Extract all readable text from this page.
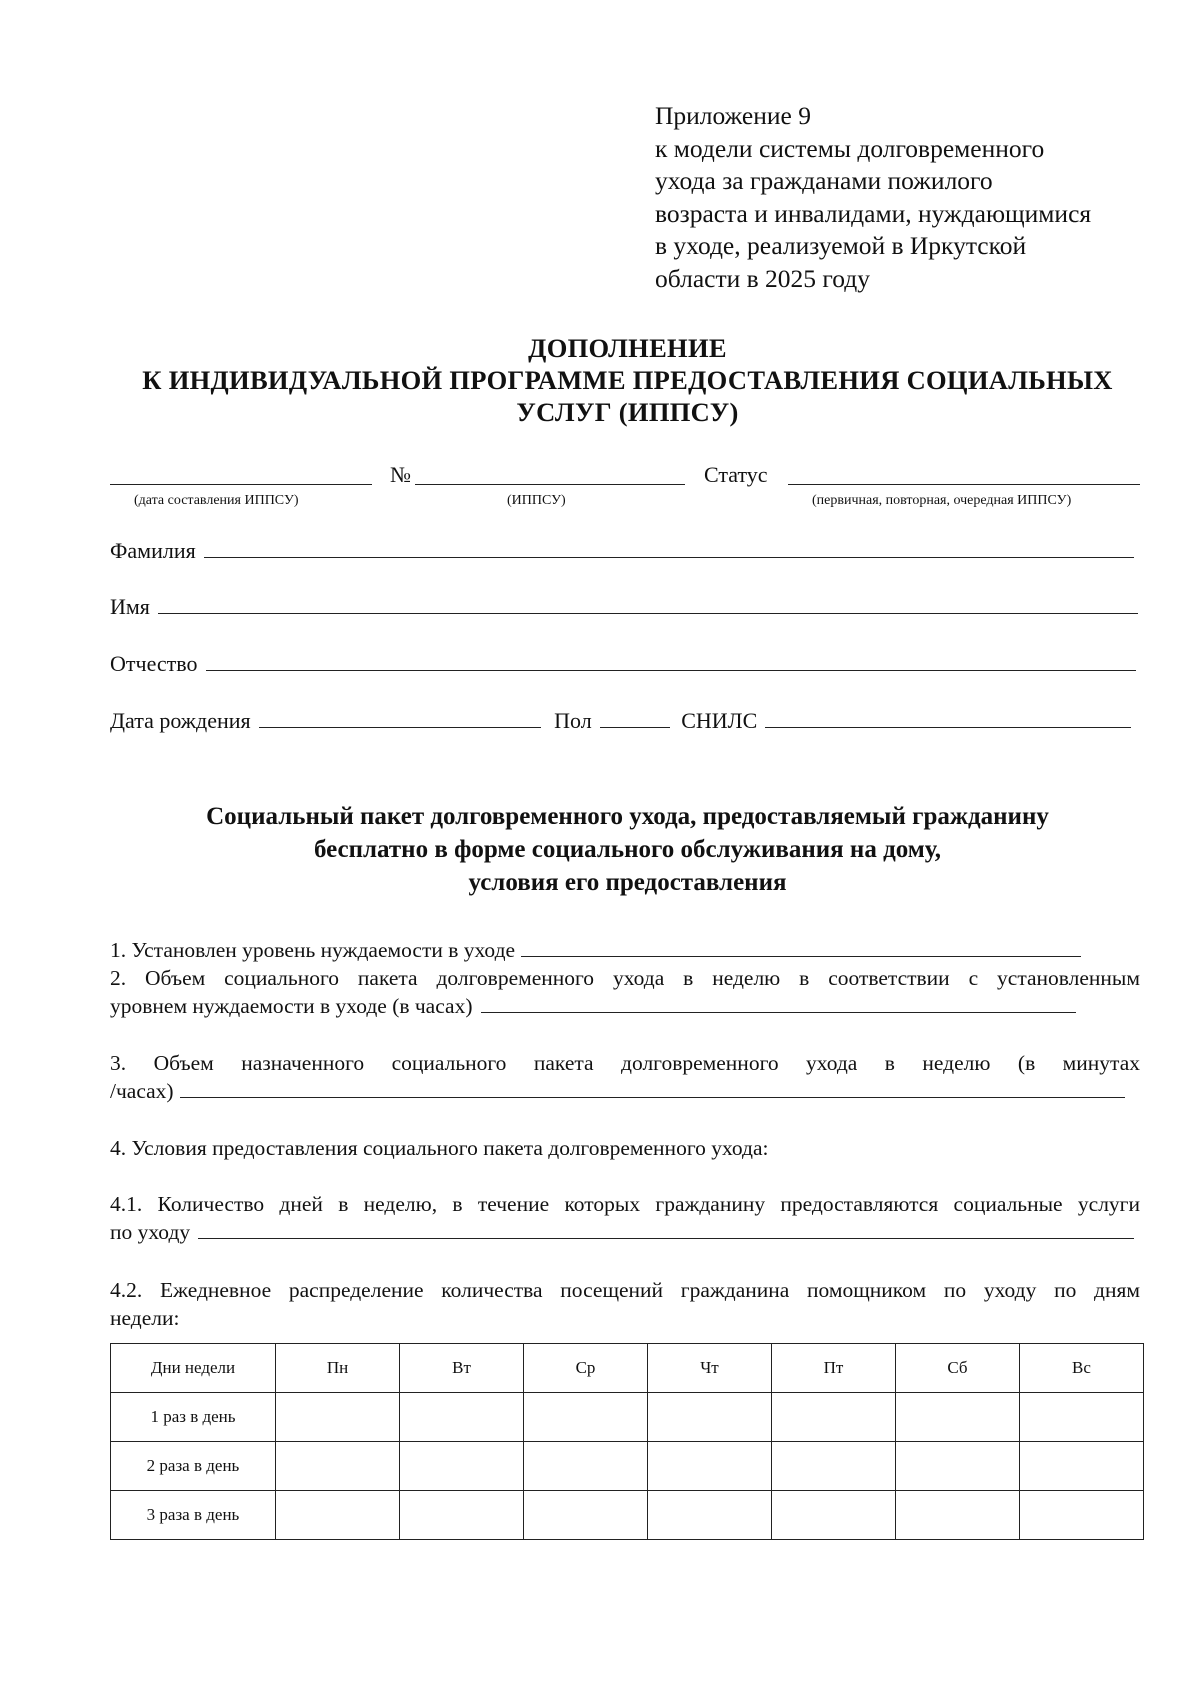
Приложение 9
к модели системы долговременного
ухода за гражданами пожилого
возраста и инвалидами, нуждающимися
в уходе, реализуемой в Иркутской
области в 2025 году
ДОПОЛНЕНИЕ
К ИНДИВИДУАЛЬНОЙ ПРОГРАММЕ ПРЕДОСТАВЛЕНИЯ СОЦИАЛЬНЫХ
УСЛУГ (ИППСУ)
№	Статус
(дата составления ИППСУ)	(ИППСУ)	(первичная, повторная, очередная ИППСУ)
Фамилия
Имя
Отчество
Дата рождения	Пол	СНИЛС
Социальный пакет долговременного ухода, предоставляемый гражданину
бесплатно в форме социального обслуживания на дому,
условия его предоставления
1. Установлен уровень нуждаемости в уходе
2. Объем социального пакета долговременного ухода в неделю в соответствии с установленным
уровнем нуждаемости в уходе (в часах)
3. Объем назначенного социального пакета долговременного ухода в неделю (в минутах
/часах)
4. Условия предоставления социального пакета долговременного ухода:
4.1. Количество дней в неделю, в течение которых гражданину предоставляются социальные услуги
по уходу
4.2. Ежедневное распределение количества посещений гражданина помощником по уходу по дням
недели:
Дни недели	Пн	Вт	Ср	Чт	Пт	Сб	Вс
1 раз в день							
2 раза в день							
3 раза в день							
